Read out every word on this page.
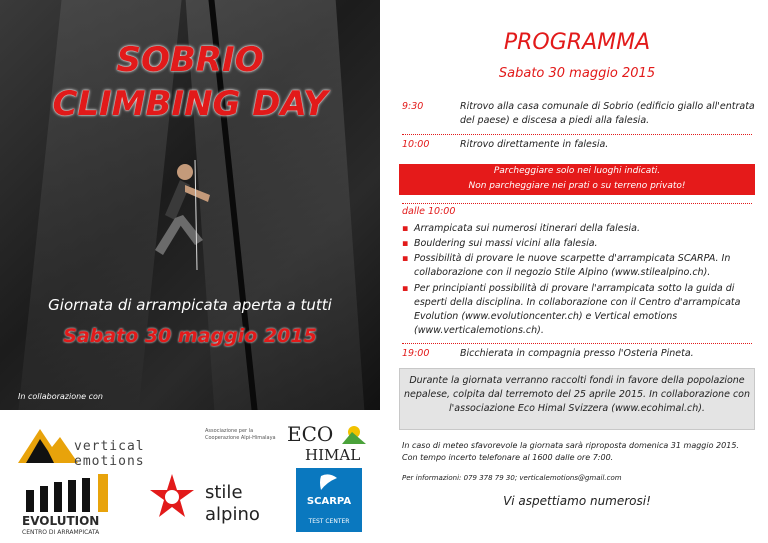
SOBRIO
CLIMBING DAY
Giornata di arrampicata aperta a tutti
Sabato 30 maggio 2015
In collaborazione con
vertical emotions
Associazione per la Cooperazione Alpi-Himalaya ECO
HIMAL
EVOLUTION
CENTRO DI ARRAMPICATA
stile
alpino
SCARPA
TEST CENTER
PROGRAMMA
Sabato 30 maggio 2015
9:30	Ritrovo alla casa comunale di Sobrio (edificio giallo all'entrata del paese) e discesa a piedi alla falesia.
10:00	Ritrovo direttamente in falesia.
Parcheggiare solo nei luoghi indicati.
Non parcheggiare nei prati o su terreno privato!
dalle 10:00
▪ Arrampicata sui numerosi itinerari della falesia.
▪ Bouldering sui massi vicini alla falesia.
▪ Possibilità di provare le nuove scarpette d'arrampicata SCARPA. In collaborazione con il negozio Stile Alpino (www.stilealpino.ch).
▪ Per principianti possibilità di provare l'arrampicata sotto la guida di esperti della disciplina. In collaborazione con il Centro d'arrampicata Evolution (www.evolutioncenter.ch) e Vertical emotions (www.verticalemotions.ch).
19:00	Bicchierata in compagnia presso l'Osteria Pineta.
Durante la giornata verranno raccolti fondi in favore della popolazione nepalese, colpita dal terremoto del 25 aprile 2015. In collaborazione con l'associazione Eco Himal Svizzera (www.ecohimal.ch).
In caso di meteo sfavorevole la giornata sarà riproposta domenica 31 maggio 2015.
Con tempo incerto telefonare al 1600 dalle ore 7:00.
Per informazioni: 079 378 79 30; verticalemotions@gmail.com
Vi aspettiamo numerosi!
